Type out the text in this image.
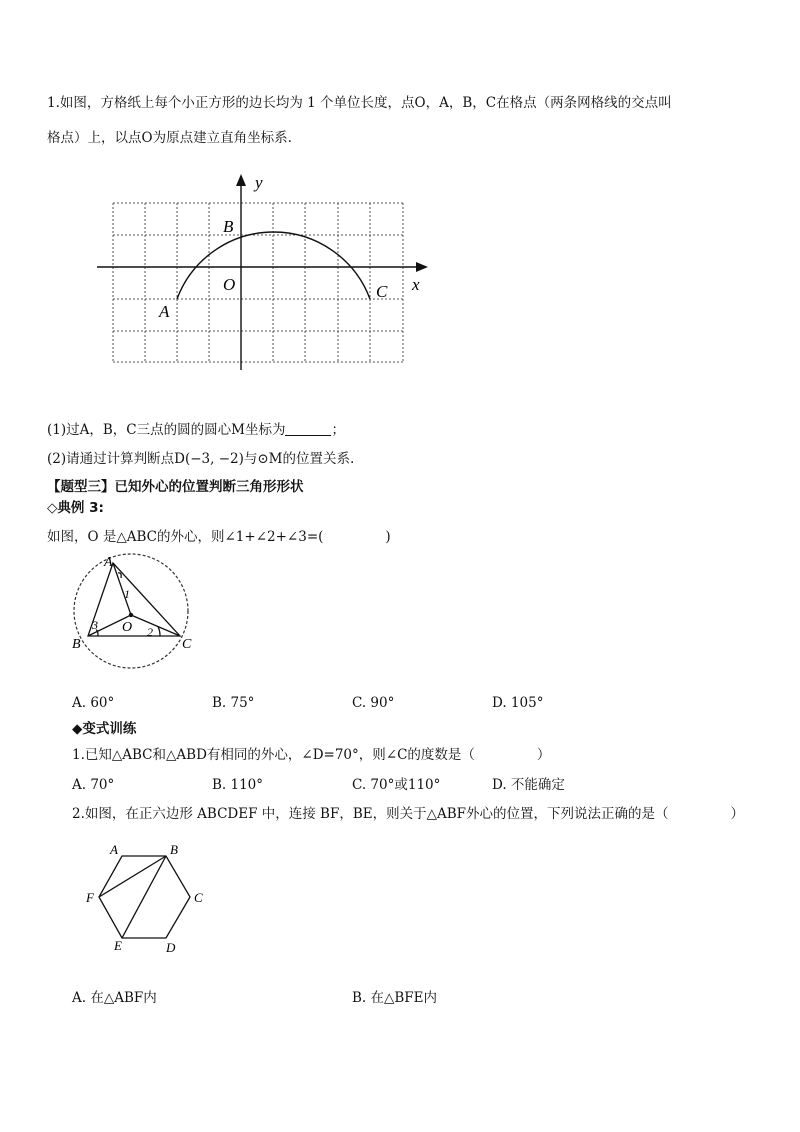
1.如图，方格纸上每个小正方形的边长均为 1 个单位长度，点O，A，B，C在格点（两条网格线的交点叫
格点）上，以点O为原点建立直角坐标系.
y
x
B
O	C
A
(1)过A，B，C三点的圆的圆心M坐标为	；
(2)请通过计算判断点D(−3, −2)与⊙M的位置关系.
【题型三】已知外心的位置判断三角形形状
◇典例 3:
如图，O 是△ABC的外心，则∠1+∠2+∠3=(	)
A
B	C
O
1
2
3
A. 60°	B. 75°	C. 90°	D. 105°
◆变式训练
1.已知△ABC和△ABD有相同的外心，∠D=70°，则∠C的度数是（	）
A. 70°	B. 110°	C. 70°或110°	D. 不能确定
2.如图，在正六边形 ABCDEF 中，连接 BF，BE，则关于△ABF外心的位置，下列说法正确的是（	）
A	B
C
D
E
F
A. 在△ABF内	B. 在△BFE内
